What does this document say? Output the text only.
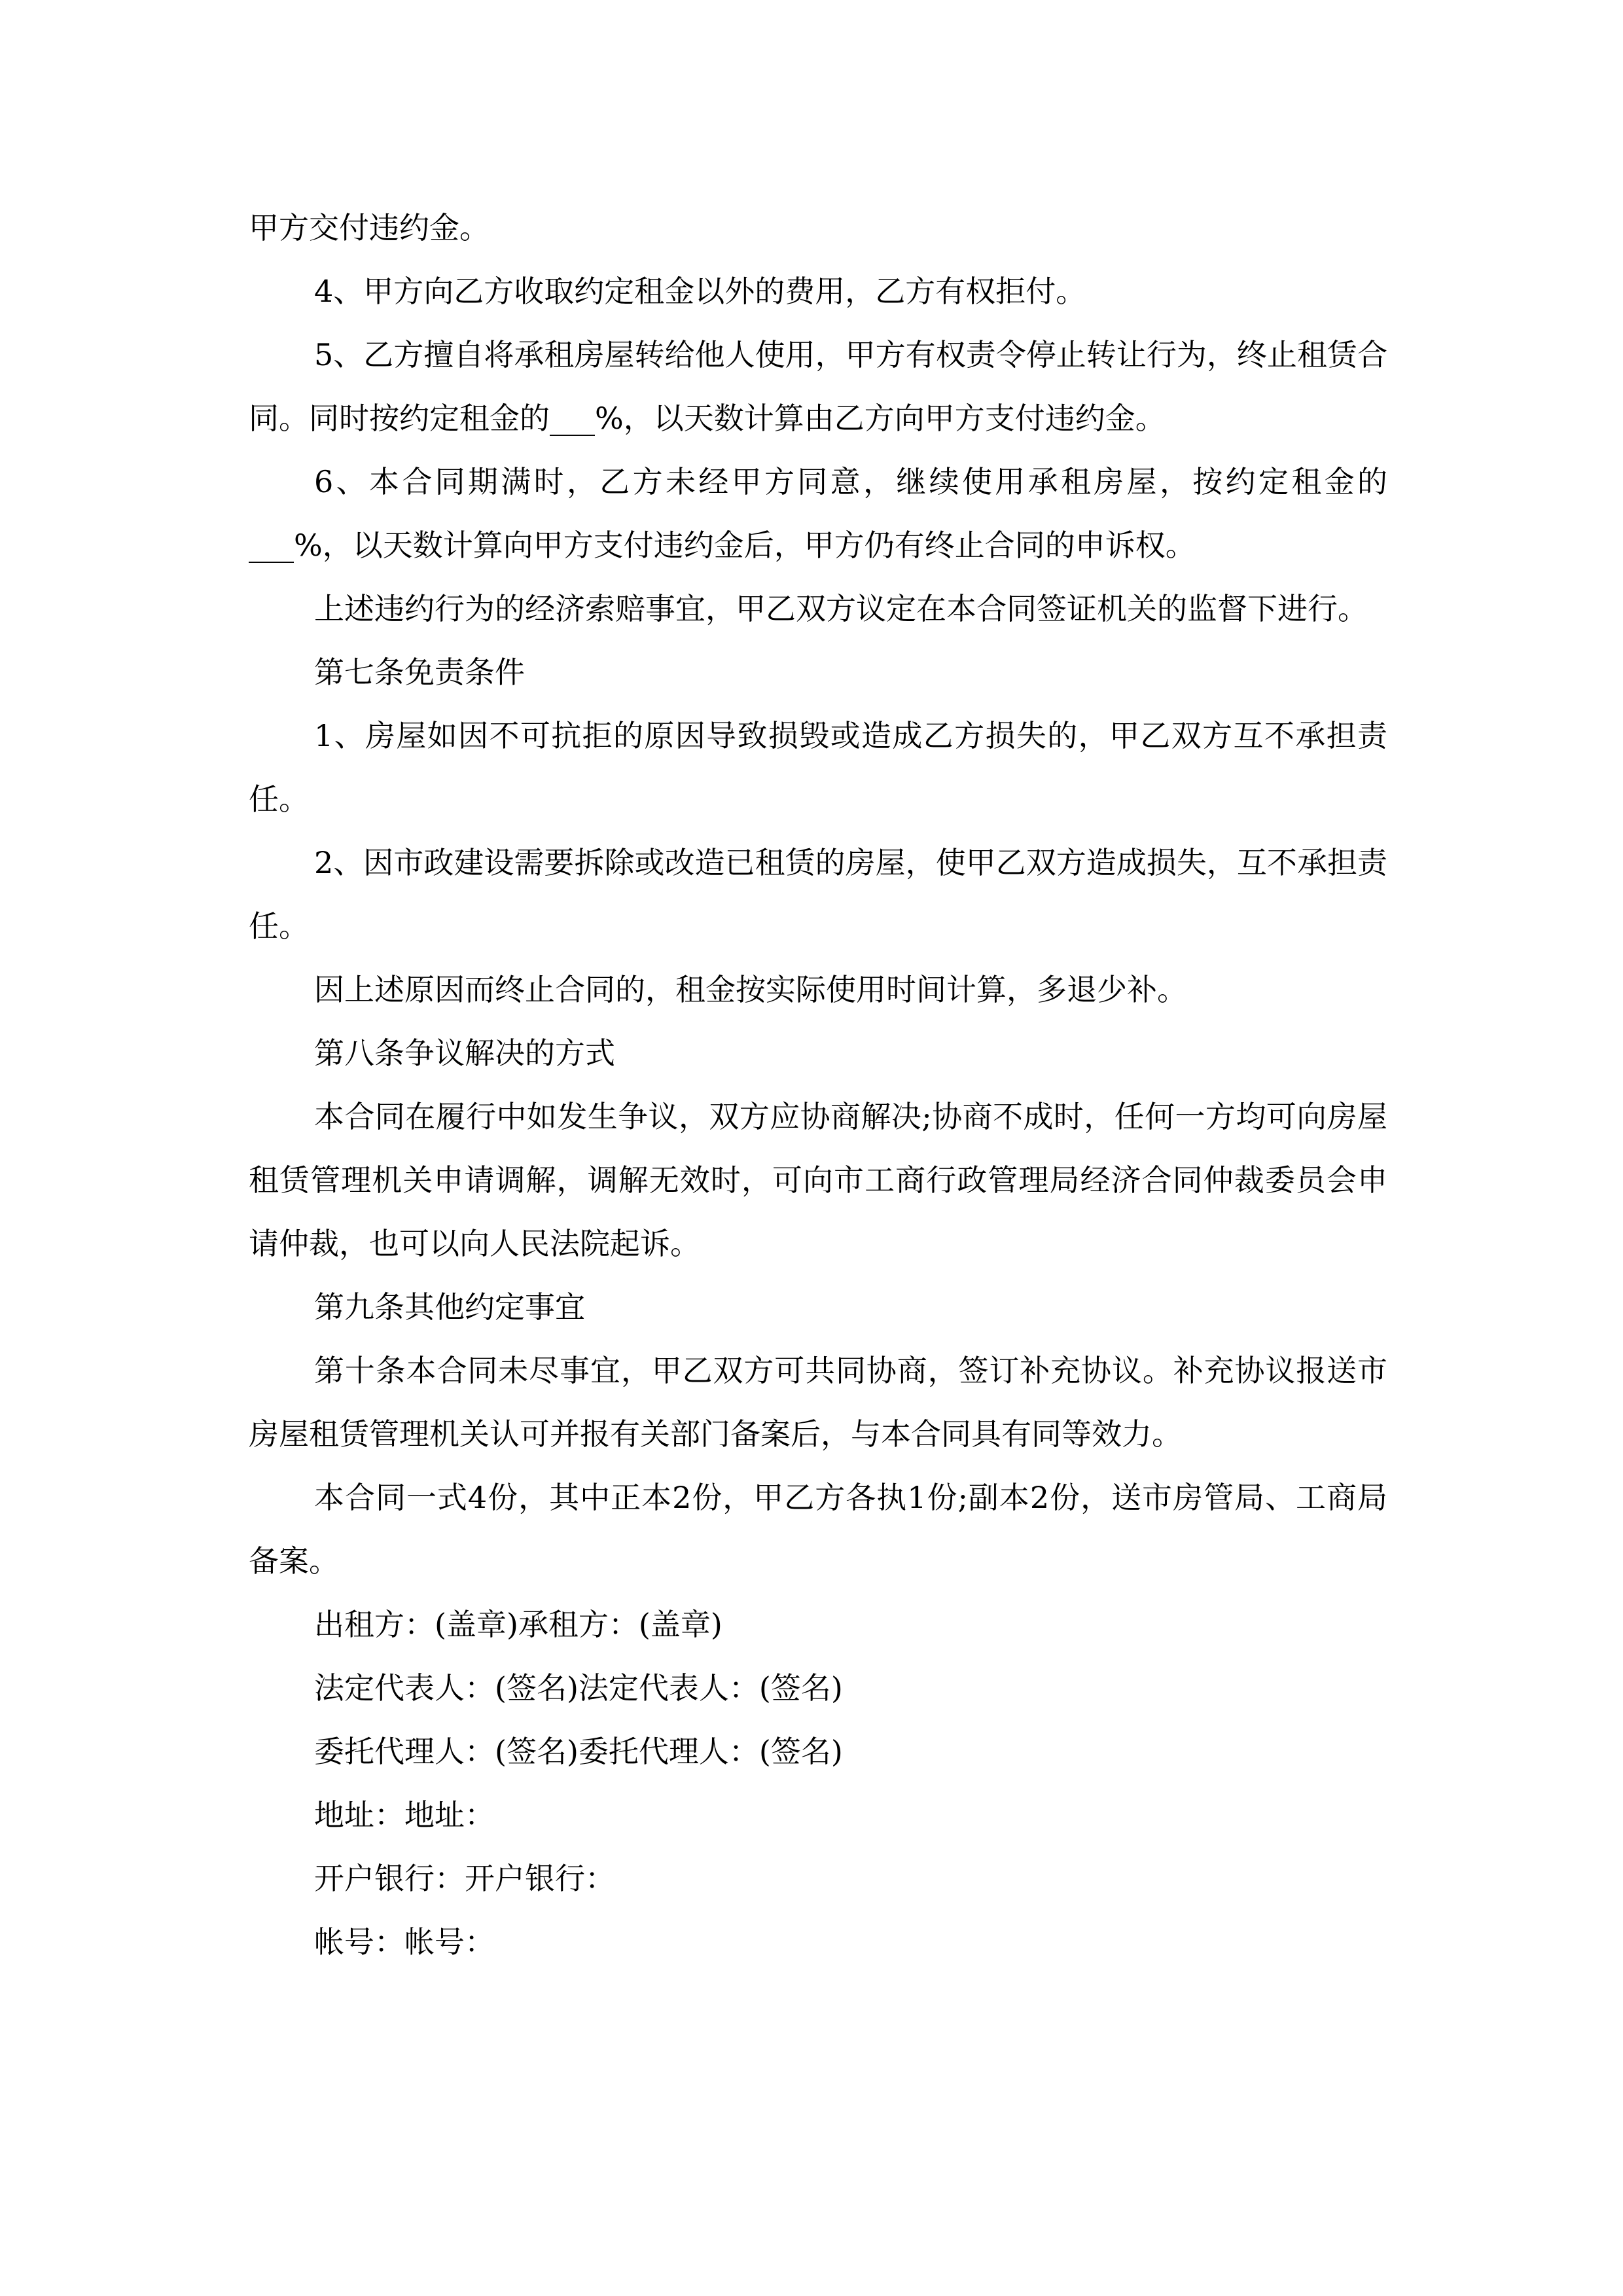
甲方交付违约金。

4、甲方向乙方收取约定租金以外的费用，乙方有权拒付。

5、乙方擅自将承租房屋转给他人使用，甲方有权责令停止转让行为，终止租赁合同。同时按约定租金的___%，以天数计算由乙方向甲方支付违约金。

6、本合同期满时，乙方未经甲方同意，继续使用承租房屋，按约定租金的___%，以天数计算向甲方支付违约金后，甲方仍有终止合同的申诉权。

上述违约行为的经济索赔事宜，甲乙双方议定在本合同签证机关的监督下进行。

第七条免责条件

1、房屋如因不可抗拒的原因导致损毁或造成乙方损失的，甲乙双方互不承担责任。

2、因市政建设需要拆除或改造已租赁的房屋，使甲乙双方造成损失，互不承担责任。

因上述原因而终止合同的，租金按实际使用时间计算，多退少补。

第八条争议解决的方式

本合同在履行中如发生争议，双方应协商解决;协商不成时，任何一方均可向房屋租赁管理机关申请调解，调解无效时，可向市工商行政管理局经济合同仲裁委员会申请仲裁，也可以向人民法院起诉。

第九条其他约定事宜

第十条本合同未尽事宜，甲乙双方可共同协商，签订补充协议。补充协议报送市房屋租赁管理机关认可并报有关部门备案后，与本合同具有同等效力。

本合同一式4份，其中正本2份，甲乙方各执1份;副本2份，送市房管局、工商局备案。

出租方：(盖章)承租方：(盖章)

法定代表人：(签名)法定代表人：(签名)

委托代理人：(签名)委托代理人：(签名)

地址：地址：

开户银行：开户银行：

帐号：帐号：
